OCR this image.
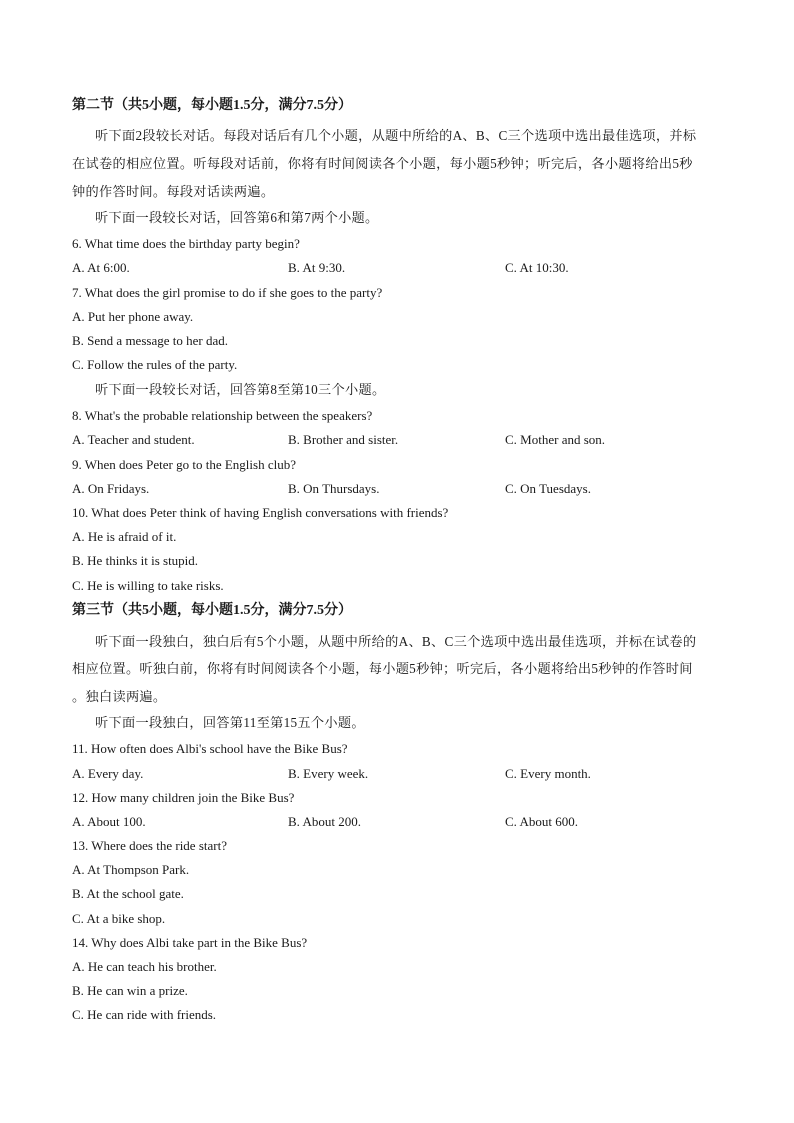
第二节（共5小题，每小题1.5分，满分7.5分）
听下面2段较长对话。每段对话后有几个小题，从题中所给的A、B、C三个选项中选出最佳选项，并标
在试卷的相应位置。听每段对话前，你将有时间阅读各个小题，每小题5秒钟；听完后，各小题将给出5秒
钟的作答时间。每段对话读两遍。
听下面一段较长对话，回答第6和第7两个小题。
6. What time does the birthday party begin?
A. At 6:00.	B. At 9:30.	C. At 10:30.
7. What does the girl promise to do if she goes to the party?
A. Put her phone away.
B. Send a message to her dad.
C. Follow the rules of the party.
听下面一段较长对话，回答第8至第10三个小题。
8. What's the probable relationship between the speakers?
A. Teacher and student.	B. Brother and sister.	C. Mother and son.
9. When does Peter go to the English club?
A. On Fridays.	B. On Thursdays.	C. On Tuesdays.
10. What does Peter think of having English conversations with friends?
A. He is afraid of it.
B. He thinks it is stupid.
C. He is willing to take risks.
第三节（共5小题，每小题1.5分，满分7.5分）
听下面一段独白，独白后有5个小题，从题中所给的A、B、C三个选项中选出最佳选项，并标在试卷的
相应位置。听独白前，你将有时间阅读各个小题，每小题5秒钟；听完后，各小题将给出5秒钟的作答时间
。独白读两遍。
听下面一段独白，回答第11至第15五个小题。
11. How often does Albi's school have the Bike Bus?
A. Every day.	B. Every week.	C. Every month.
12. How many children join the Bike Bus?
A. About 100.	B. About 200.	C. About 600.
13. Where does the ride start?
A. At Thompson Park.
B. At the school gate.
C. At a bike shop.
14. Why does Albi take part in the Bike Bus?
A. He can teach his brother.
B. He can win a prize.
C. He can ride with friends.
